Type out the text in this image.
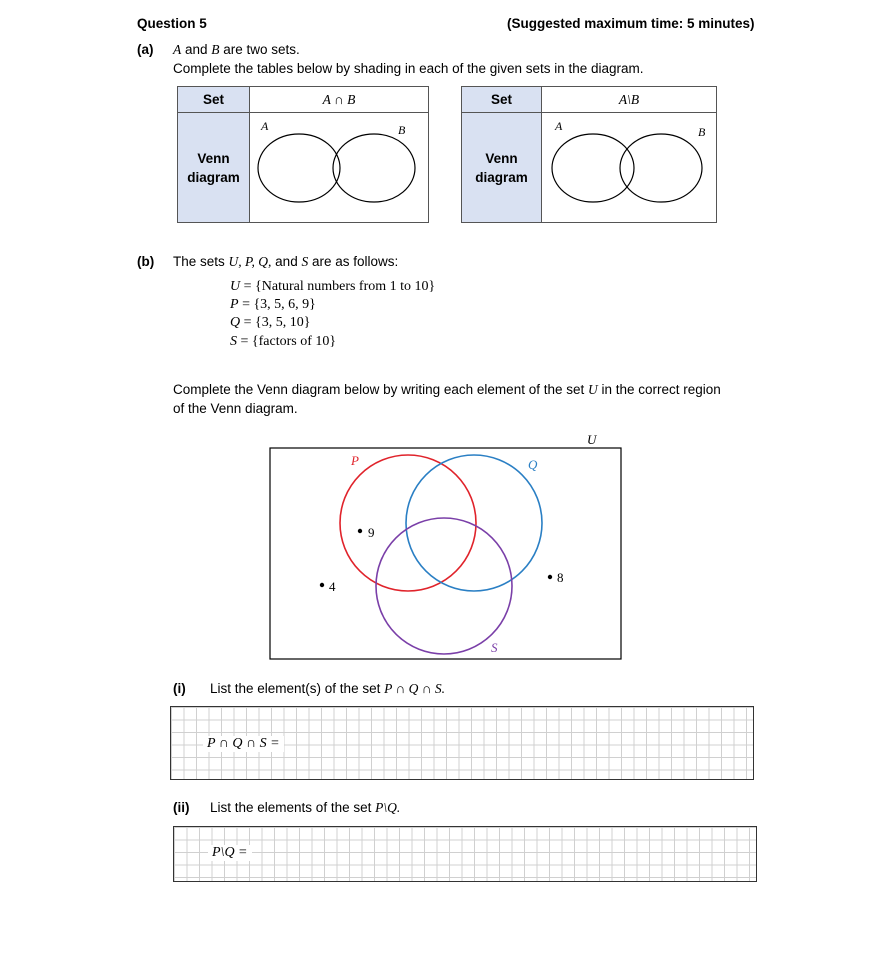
Question 5	(Suggested maximum time: 5 minutes)
(a) A and B are two sets.
Complete the tables below by shading in each of the given sets in the diagram.
Set	A ∩ B
Venn
diagram	A B
Set	A\B
Venn
diagram	A B
(b) The sets U, P, Q, and S are as follows:
U = {Natural numbers from 1 to 10}
P = {3, 5, 6, 9}
Q = {3, 5, 10}
S = {factors of 10}
Complete the Venn diagram below by writing each element of the set U in the correct region
of the Venn diagram.
U
P	Q
S
9
4
8
(i) List the element(s) of the set P ∩ Q ∩ S.
P ∩ Q ∩ S =
(ii) List the elements of the set P\Q.
P\Q =
